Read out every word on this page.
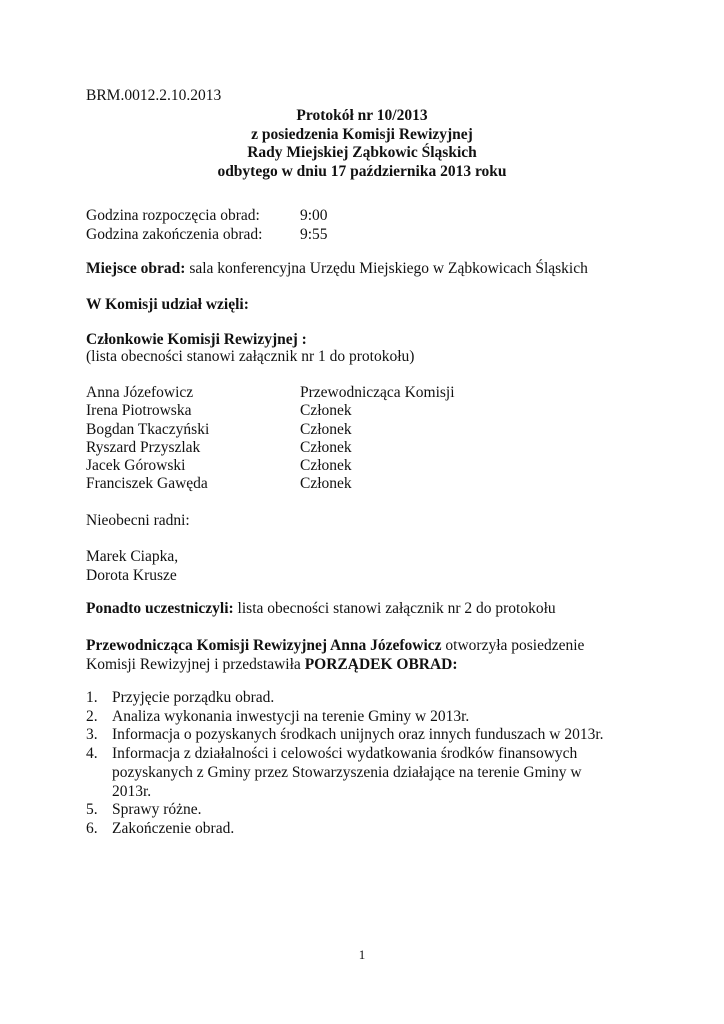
BRM.0012.2.10.2013
Protokół nr 10/2013
z posiedzenia Komisji Rewizyjnej
Rady Miejskiej Ząbkowic Śląskich
odbytego w dniu 17 października 2013 roku
Godzina rozpoczęcia obrad:	9:00
Godzina zakończenia obrad:	9:55
Miejsce obrad: sala konferencyjna Urzędu Miejskiego w Ząbkowicach Śląskich
W Komisji udział wzięli:
Członkowie Komisji Rewizyjnej :
(lista obecności stanowi załącznik nr 1 do protokołu)
Anna Józefowicz	Przewodnicząca Komisji
Irena Piotrowska	Członek
Bogdan Tkaczyński	Członek
Ryszard Przyszlak	Członek
Jacek Górowski	Członek
Franciszek Gawęda	Członek
Nieobecni radni:
Marek Ciapka,
Dorota Krusze
Ponadto uczestniczyli: lista obecności stanowi załącznik nr 2 do protokołu
Przewodnicząca Komisji Rewizyjnej Anna Józefowicz otworzyła posiedzenie
Komisji Rewizyjnej i przedstawiła PORZĄDEK OBRAD:
1. Przyjęcie porządku obrad.
2. Analiza wykonania inwestycji na terenie Gminy w 2013r.
3. Informacja o pozyskanych środkach unijnych oraz innych funduszach w 2013r.
4. Informacja z działalności i celowości wydatkowania środków finansowych pozyskanych z Gminy przez Stowarzyszenia działające na terenie Gminy w 2013r.
5. Sprawy różne.
6. Zakończenie obrad.
1
